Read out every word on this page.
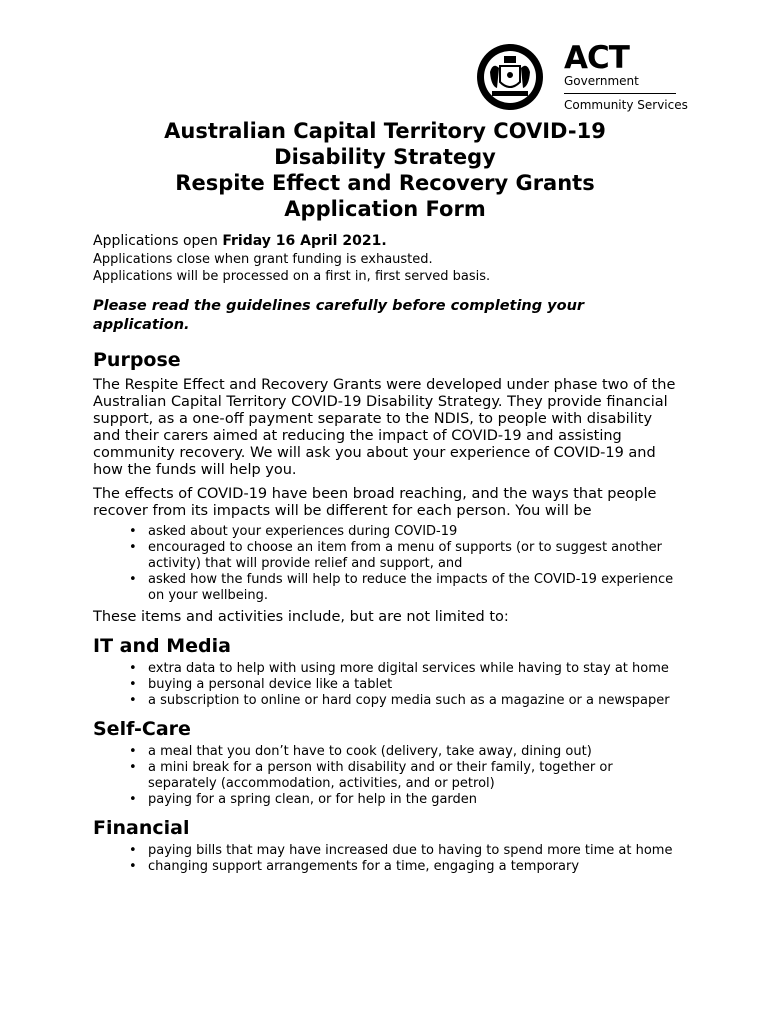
ACT
Government
Community Services
Australian Capital Territory COVID-19
Disability Strategy
Respite Effect and Recovery Grants
Application Form

Applications open Friday 16 April 2021.

Applications close when grant funding is exhausted.

Applications will be processed on a first in, first served basis.

Please read the guidelines carefully before completing your application.

Purpose

The Respite Effect and Recovery Grants were developed under phase two of the Australian Capital Territory COVID-19 Disability Strategy. They provide financial support, as a one-off payment separate to the NDIS, to people with disability and their carers aimed at reducing the impact of COVID-19 and assisting community recovery. We will ask you about your experience of COVID-19 and how the funds will help you.

The effects of COVID-19 have been broad reaching, and the ways that people recover from its impacts will be different for each person. You will be

• asked about your experiences during COVID-19
• encouraged to choose an item from a menu of supports (or to suggest another activity) that will provide relief and support, and
• asked how the funds will help to reduce the impacts of the COVID-19 experience on your wellbeing.

These items and activities include, but are not limited to:

IT and Media
• extra data to help with using more digital services while having to stay at home
• buying a personal device like a tablet
• a subscription to online or hard copy media such as a magazine or a newspaper
Self-Care
• a meal that you don’t have to cook (delivery, take away, dining out)
• a mini break for a person with disability and or their family, together or separately (accommodation, activities, and or petrol)
• paying for a spring clean, or for help in the garden
Financial
• paying bills that may have increased due to having to spend more time at home
• changing support arrangements for a time, engaging a temporary
